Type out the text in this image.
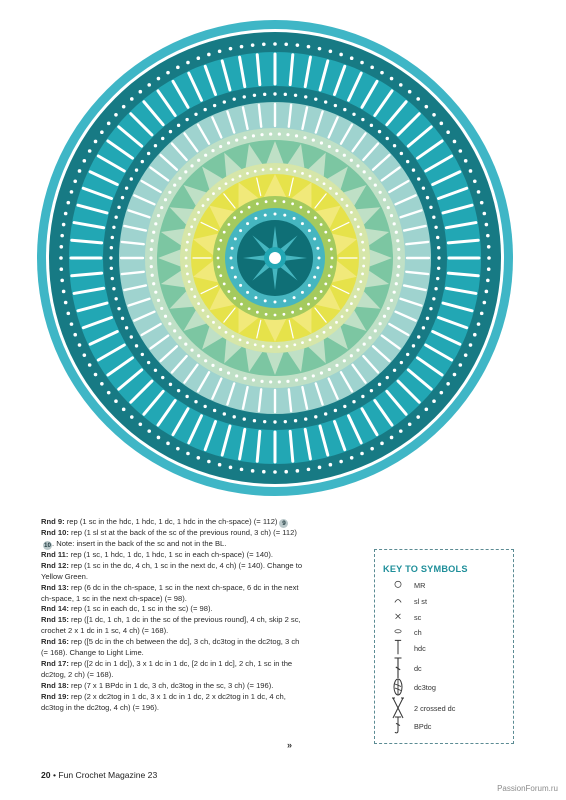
Rnd 9: rep (1 sc in the hdc, 1 hdc, 1 dc, 1 hdc in the ch-space) (= 112) 9

Rnd 10: rep (1 sl st at the back of the sc of the previous round, 3 ch) (= 112)10. Note: insert in the back of the sc and not in the BL.

Rnd 11: rep (1 sc, 1 hdc, 1 dc, 1 hdc, 1 sc in each ch-space) (= 140).

Rnd 12: rep (1 sc in the dc, 4 ch, 1 sc in the next dc, 4 ch) (= 140). Change to Yellow Green.

Rnd 13: rep (6 dc in the ch-space, 1 sc in the next ch-space, 6 dc in the next ch-space, 1 sc in the next ch-space) (= 98).

Rnd 14: rep (1 sc in each dc, 1 sc in the sc) (= 98).

Rnd 15: rep ([1 dc, 1 ch, 1 dc in the sc of the previous round], 4 ch, skip 2 sc, crochet 2 x 1 dc in 1 sc, 4 ch) (= 168).

Rnd 16: rep ([5 dc in the ch between the dc], 3 ch, dc3tog in the dc2tog, 3 ch (= 168). Change to Light Lime.

Rnd 17: rep ([2 dc in 1 dc]), 3 x 1 dc in 1 dc, [2 dc in 1 dc], 2 ch, 1 sc in the dc2tog, 2 ch) (= 168).

Rnd 18: rep (7 x 1 BPdc in 1 dc, 3 ch, dc3tog in the sc, 3 ch) (= 196).

Rnd 19: rep (2 x dc2tog in 1 dc, 3 x 1 dc in 1 dc, 2 x dc2tog in 1 dc, 4 ch, dc3tog in the dc2tog, 4 ch) (= 196).

»
KEY TO SYMBOLS
MR
sl st
sc
ch
hdc
dc
dc3tog
2 crossed dc
BPdc
20 • Fun Crochet Magazine 23
PassionForum.ru
